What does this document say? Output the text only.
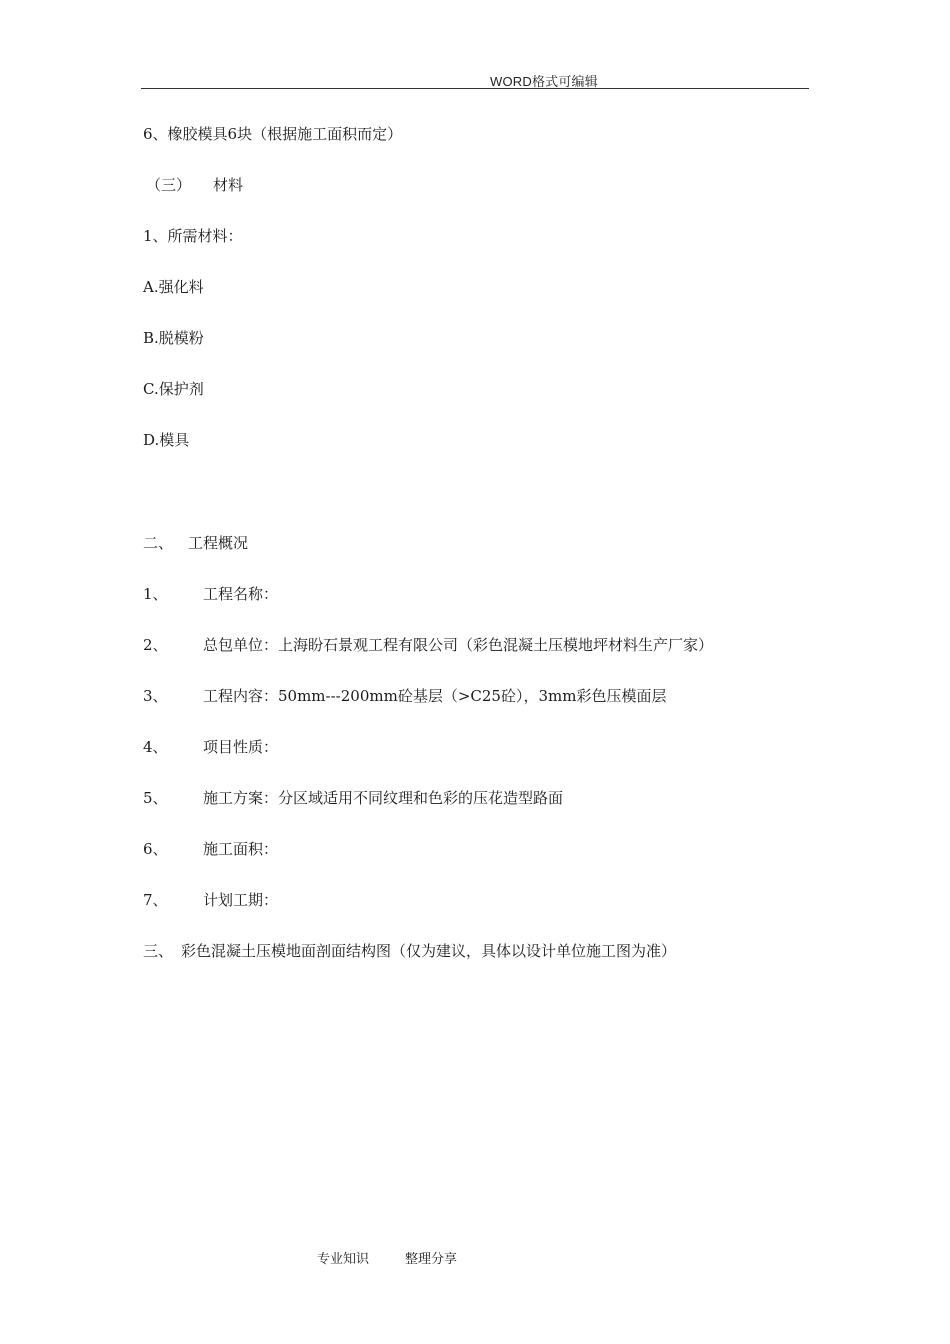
WORD格式可编辑
6、橡胶模具6块（根据施工面积而定）
（三） 材料
1、所需材料：
A.强化料
B.脱模粉
C.保护剂
D.模具
二、 工程概况
1、 工程名称：
2、 总包单位：上海盼石景观工程有限公司（彩色混凝土压模地坪材料生产厂家）
3、 工程内容：50mm---200mm砼基层（>C25砼），3mm彩色压模面层
4、 项目性质：
5、 施工方案：分区域适用不同纹理和色彩的压花造型路面
6、 施工面积：
7、 计划工期：
三、 彩色混凝土压模地面剖面结构图（仅为建议，具体以设计单位施工图为准）
专业知识	整理分享
